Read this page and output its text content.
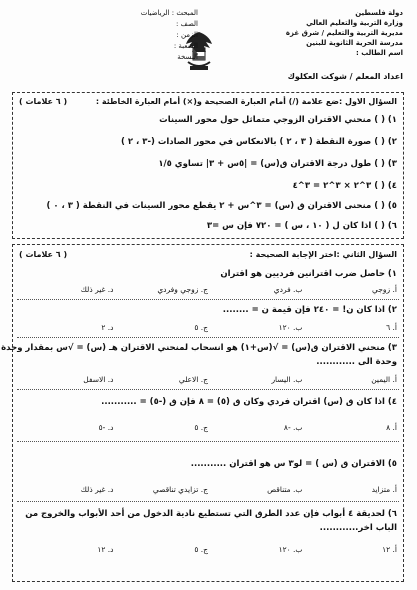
دولة فلسطين
وزارة التربية والتعليم العالي
مديرية التربية والتعليم / شرق غزة
مدرسة الحرية الثانوية للبنين
اسم الطالب :
المبحث : الرياضيات
الصف :
الزمن :
الشعبة :
النسخة
اعداد المعلم / شوكت العكلوك
السؤال الاول :ضع علامة (/) أمام العبارة الصحيحة و(×) أمام العبارة الخاطئة :
( ٦ علامات )
١) ( ) منحني الاقتران الزوجي متماثل حول محور السينات
٢) ( ) صورة النقطة ( ٣ ، ٢ ) بالانعكاس في محور الصادات (-٣ ، ٢ )
٣) ( ) طول درجة الاقتران ق(س) = |٥س + ٣| تساوي ١/٥
٤) ( ) ٣^٢ × ٣^٢ = ٣^٤
٥) ( ) منحنى الاقتران ق (س) = ٣^س + ٢ يقطع محور السينات في النقطة ( ٣ ، ٠ )
٦) ( ) اذا كان ل ( ١٠ ، س ) = ٧٢٠ فإن س =٣
السؤال الثاني :اختر الإجابة الصحيحة :
( ٦ علامات )
١) حاصل ضرب اقترانين فرديين هو اقتران
أ. زوجي
ب. فردي
ج. زوجي وفردي
د. غير ذلك
٢) اذا كان ن! = ٢٤٠ فإن قيمة ن = ........
أ. ٦
ب. ١٢٠
ج. ٥
د. ٢
٣) منحني الاقتران ق(س) = √(س+١) هو انسحاب لمنحني الاقتران هـ (س) = √س بمقدار وحدة
وحدة الى ............
أ. اليمين
ب. اليسار
ج. الاعلي
د. الاسفل
٤) اذا كان ق (س) اقتران فردي وكان ق (٥) = ٨ فإن ق (-٥) = ...........
أ. ٨
ب. -٨
ج. ٥
د. -٥
٥) الاقتران ق (س ) = لو٣ س هو اقتران ...........
أ. متزايد
ب. متناقص
ج. تزايدي تناقصي
د. غير ذلك
٦) لحديقة ٤ أبواب فإن عدد الطرق التي تستطيع نادية الدخول من أحد الأبواب والخروج من
الباب اخر............
أ. ١٢
ب. ١٢٠
ج. ٥
د. ١٢
